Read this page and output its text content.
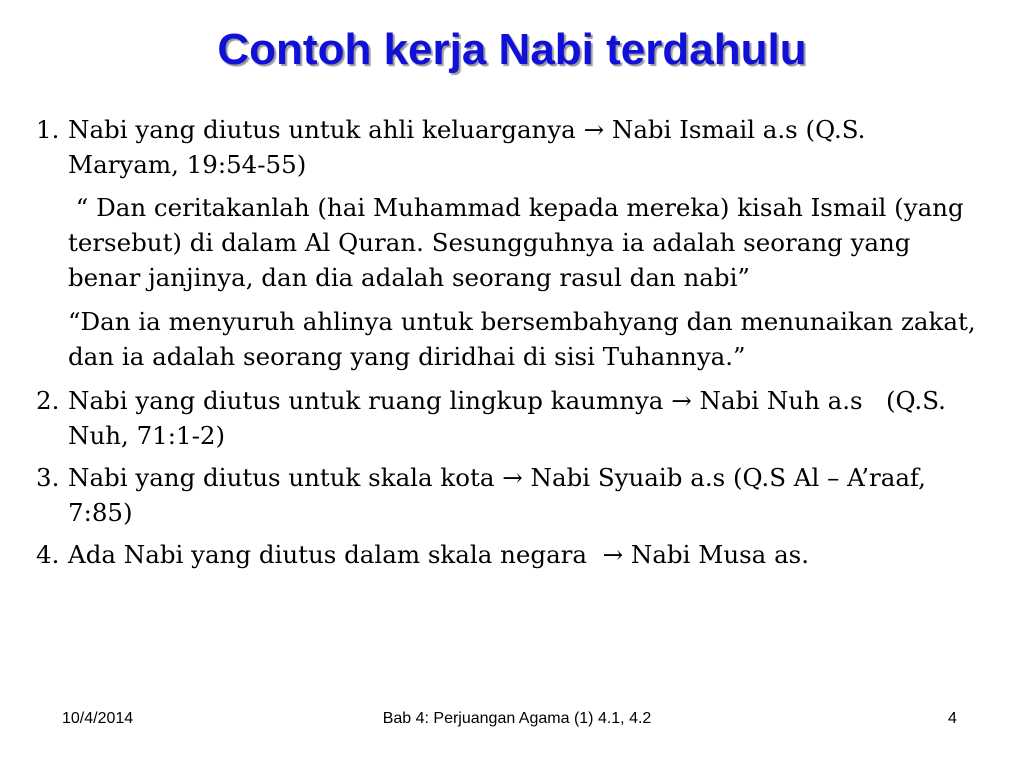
Contoh kerja Nabi terdahulu
1. Nabi yang diutus untuk ahli keluarganya → Nabi Ismail a.s (Q.S. Maryam, 19:54-55)
“ Dan ceritakanlah (hai Muhammad kepada mereka) kisah Ismail (yang tersebut) di dalam Al Quran. Sesungguhnya ia adalah seorang yang benar janjinya, dan dia adalah seorang rasul dan nabi”
“Dan ia menyuruh ahlinya untuk bersembahyang dan menunaikan zakat, dan ia adalah seorang yang diridhai di sisi Tuhannya.”
2. Nabi yang diutus untuk ruang lingkup kaumnya → Nabi Nuh a.s   (Q.S. Nuh, 71:1-2)
3. Nabi yang diutus untuk skala kota → Nabi Syuaib a.s (Q.S Al – A’raaf, 7:85)
4. Ada Nabi yang diutus dalam skala negara  → Nabi Musa as.
10/4/2014	Bab 4: Perjuangan Agama (1) 4.1, 4.2	4
